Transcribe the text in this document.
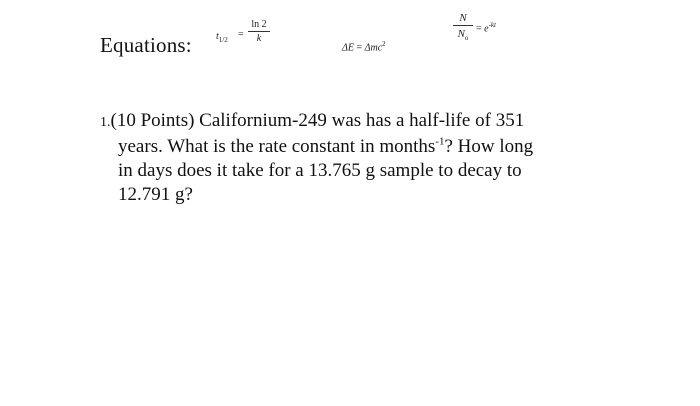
Equations: $t_{1/2} = \frac{\ln 2}{k}$
ΔE = Δmc$^2$
$\frac{N}{N_o} = e^{-kt}$
1.(10 Points) Californium-249 was has a half-life of 351
years. What is the rate constant in months$^{-1}$? How long
in days does it take for a 13.765 g sample to decay to
12.791 g?
